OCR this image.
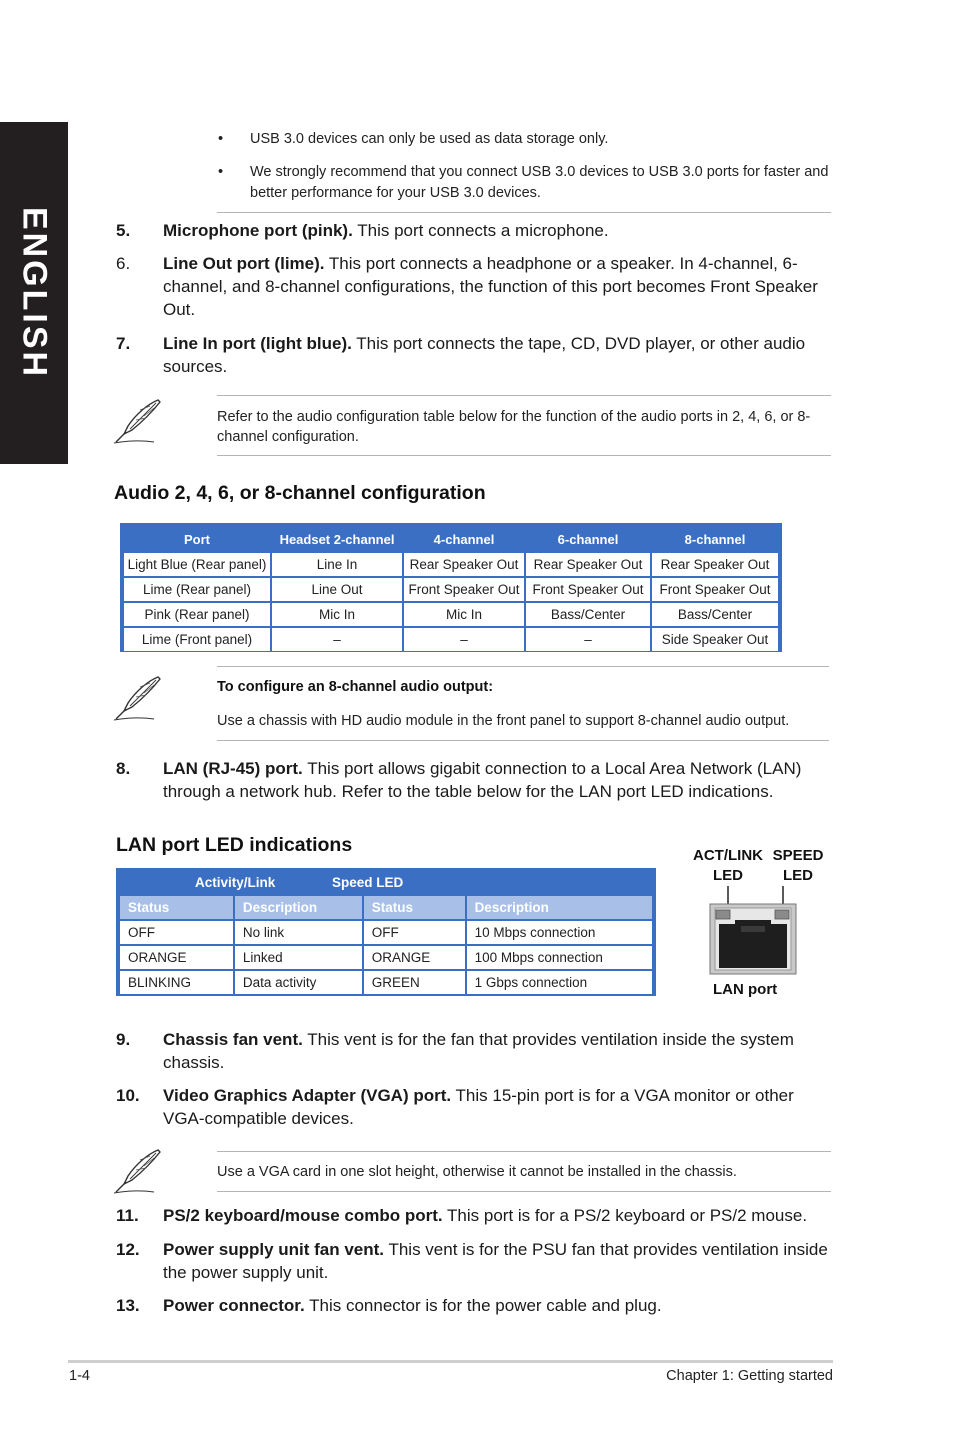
ENGLISH
• USB 3.0 devices can only be used as data storage only.
• We strongly recommend that you connect USB 3.0 devices to USB 3.0 ports for faster and better performance for your USB 3.0 devices.
5. Microphone port (pink). This port connects a microphone.
6. Line Out port (lime). This port connects a headphone or a speaker. In 4-channel, 6-channel, and 8-channel configurations, the function of this port becomes Front Speaker Out.
7. Line In port (light blue). This port connects the tape, CD, DVD player, or other audio sources.
Refer to the audio configuration table below for the function of the audio ports in 2, 4, 6, or 8-channel configuration.
Audio 2, 4, 6, or 8-channel configuration
Port	Headset 2-channel	4-channel	6-channel	8-channel
Light Blue (Rear panel)	Line In	Rear Speaker Out	Rear Speaker Out	Rear Speaker Out
Lime (Rear panel)	Line Out	Front Speaker Out	Front Speaker Out	Front Speaker Out
Pink (Rear panel)	Mic In	Mic In	Bass/Center	Bass/Center
Lime (Front panel)	–	–	–	Side Speaker Out
To configure an 8-channel audio output:
Use a chassis with HD audio module in the front panel to support 8-channel audio output.
8. LAN (RJ-45) port. This port allows gigabit connection to a Local Area Network (LAN) through a network hub. Refer to the table below for the LAN port LED indications.
LAN port LED indications
Activity/Link	Speed LED
Status	Description	Status	Description
OFF	No link	OFF	10 Mbps connection
ORANGE	Linked	ORANGE	100 Mbps connection
BLINKING	Data activity	GREEN	1 Gbps connection
ACT/LINK
LED
SPEED
LED
LAN port
9. Chassis fan vent. This vent is for the fan that provides ventilation inside the system chassis.
10. Video Graphics Adapter (VGA) port. This 15-pin port is for a VGA monitor or other VGA-compatible devices.
Use a VGA card in one slot height, otherwise it cannot be installed in the chassis.
11. PS/2 keyboard/mouse combo port. This port is for a PS/2 keyboard or PS/2 mouse.
12. Power supply unit fan vent. This vent is for the PSU fan that provides ventilation inside the power supply unit.
13. Power connector. This connector is for the power cable and plug.
1-4	Chapter 1: Getting started
